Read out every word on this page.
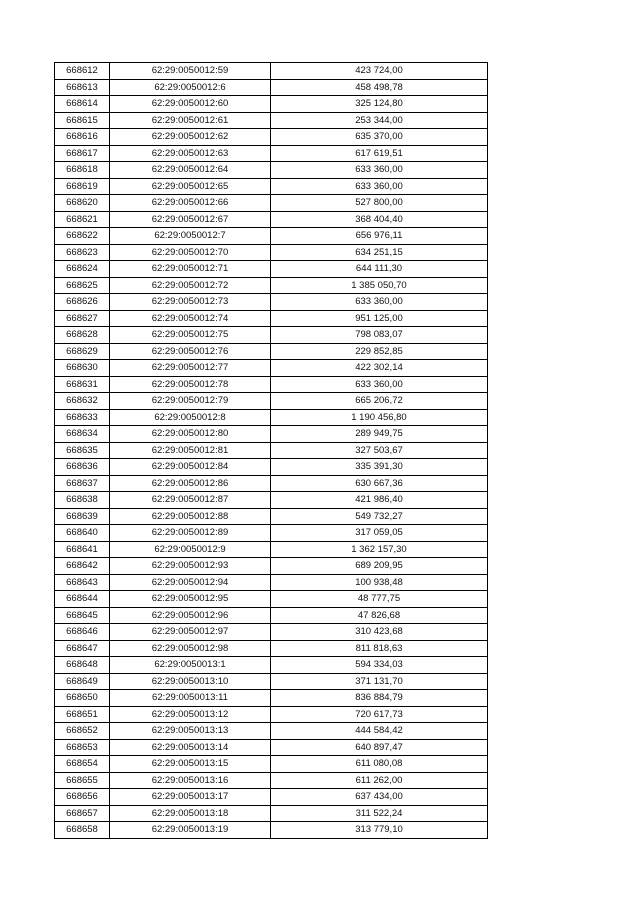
668612	62:29:0050012:59	423 724,00
668613	62:29:0050012:6	458 498,78
668614	62:29:0050012:60	325 124,80
668615	62:29:0050012:61	253 344,00
668616	62:29:0050012:62	635 370,00
668617	62:29:0050012:63	617 619,51
668618	62:29:0050012:64	633 360,00
668619	62:29:0050012:65	633 360,00
668620	62:29:0050012:66	527 800,00
668621	62:29:0050012:67	368 404,40
668622	62:29:0050012:7	656 976,11
668623	62:29:0050012:70	634 251,15
668624	62:29:0050012:71	644 111,30
668625	62:29:0050012:72	1 385 050,70
668626	62:29:0050012:73	633 360,00
668627	62:29:0050012:74	951 125,00
668628	62:29:0050012:75	798 083,07
668629	62:29:0050012:76	229 852,85
668630	62:29:0050012:77	422 302,14
668631	62:29:0050012:78	633 360,00
668632	62:29:0050012:79	665 206,72
668633	62:29:0050012:8	1 190 456,80
668634	62:29:0050012:80	289 949,75
668635	62:29:0050012:81	327 503,67
668636	62:29:0050012:84	335 391,30
668637	62:29:0050012:86	630 667,36
668638	62:29:0050012:87	421 986,40
668639	62:29:0050012:88	549 732,27
668640	62:29:0050012:89	317 059,05
668641	62:29:0050012:9	1 362 157,30
668642	62:29:0050012:93	689 209,95
668643	62:29:0050012:94	100 938,48
668644	62:29:0050012:95	48 777,75
668645	62:29:0050012:96	47 826,68
668646	62:29:0050012:97	310 423,68
668647	62:29:0050012:98	811 818,63
668648	62:29:0050013:1	594 334,03
668649	62:29:0050013:10	371 131,70
668650	62:29:0050013:11	836 884,79
668651	62:29:0050013:12	720 617,73
668652	62:29:0050013:13	444 584,42
668653	62:29:0050013:14	640 897,47
668654	62:29:0050013:15	611 080,08
668655	62:29:0050013:16	611 262,00
668656	62:29:0050013:17	637 434,00
668657	62:29:0050013:18	311 522,24
668658	62:29:0050013:19	313 779,10
